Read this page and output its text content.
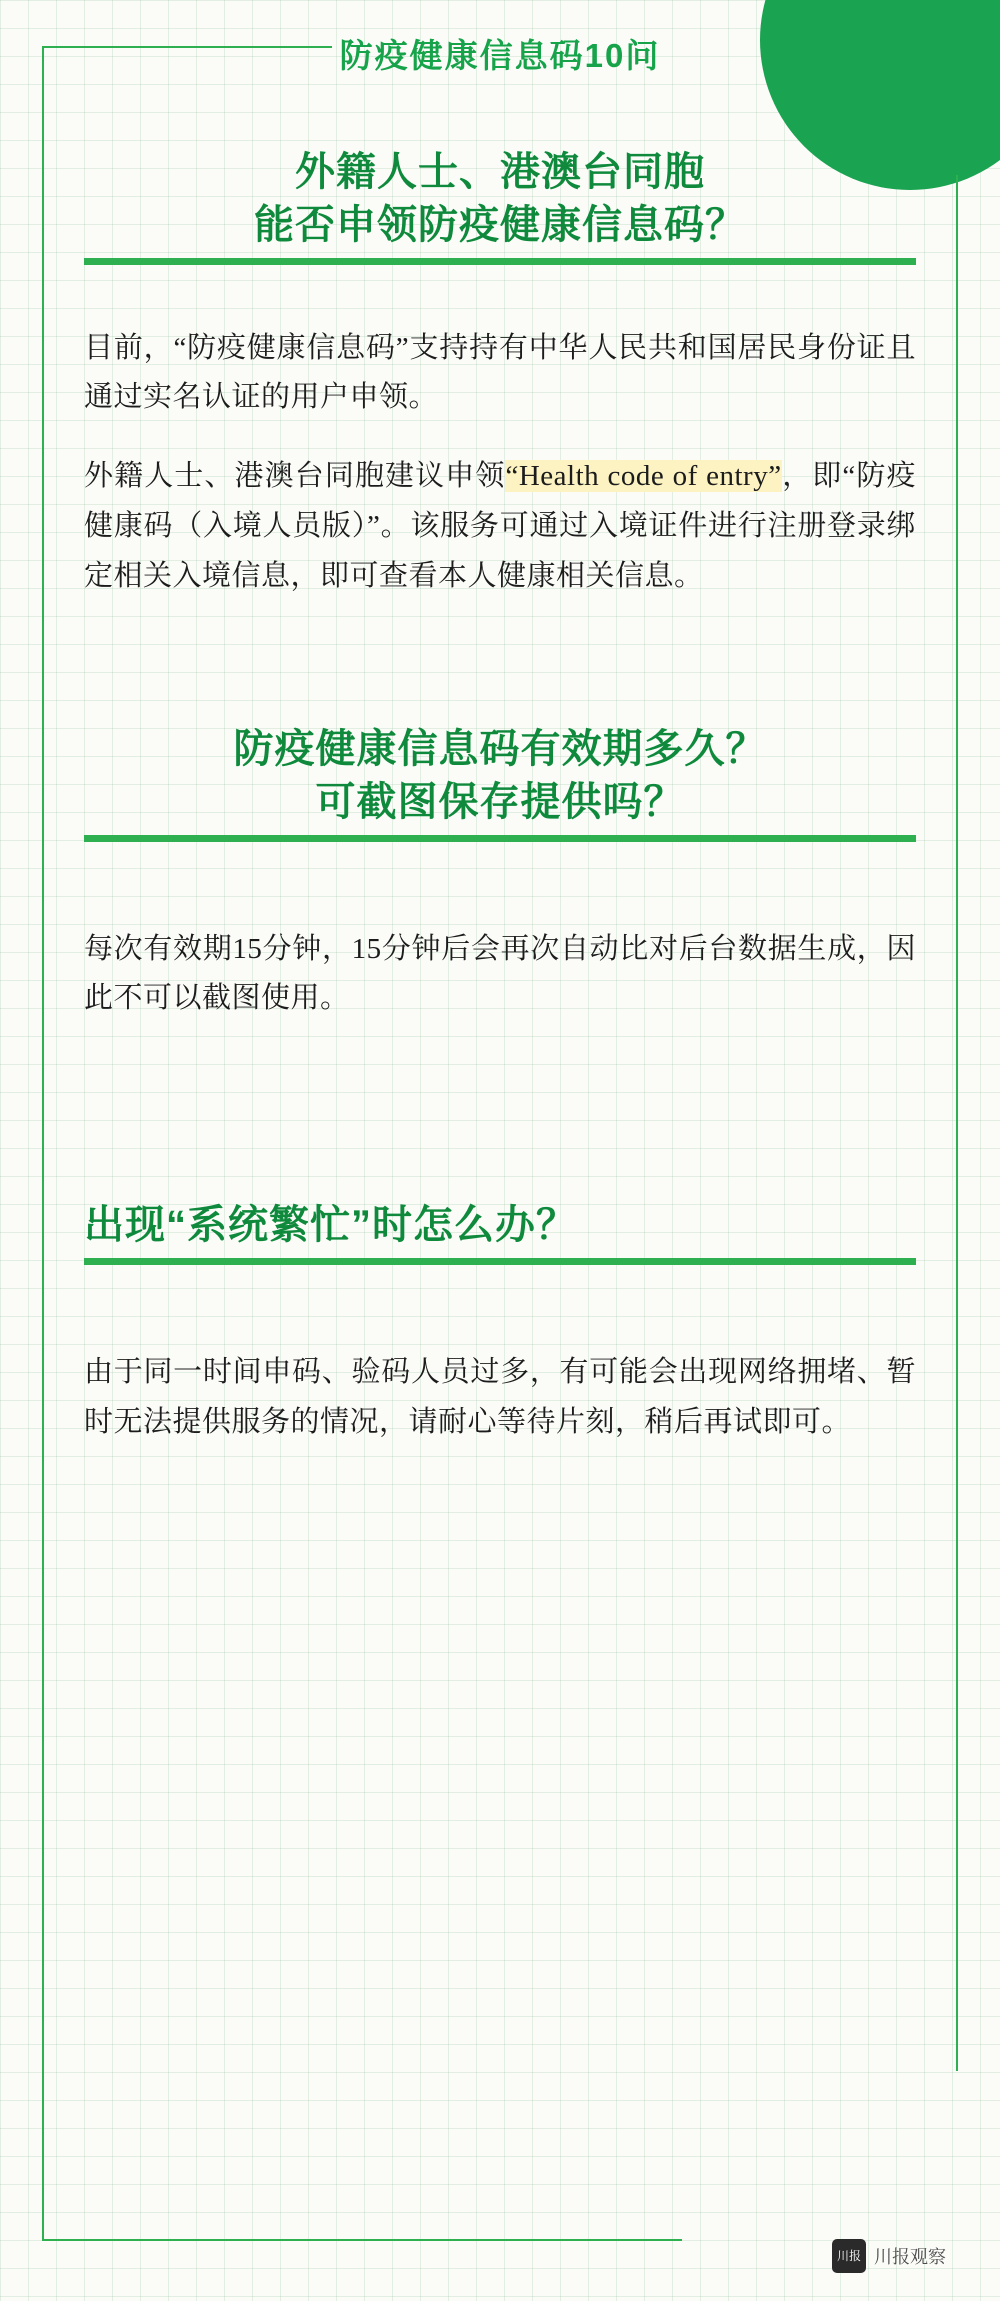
防疫健康信息码10问
外籍人士、港澳台同胞
能否申领防疫健康信息码？

目前，“防疫健康信息码”支持持有中华人民共和国居民身份证且通过实名认证的用户申领。

外籍人士、港澳台同胞建议申领“Health code of entry”，即“防疫健康码（入境人员版）”。该服务可通过入境证件进行注册登录绑定相关入境信息，即可查看本人健康相关信息。

防疫健康信息码有效期多久？
可截图保存提供吗？

每次有效期15分钟，15分钟后会再次自动比对后台数据生成，因此不可以截图使用。

出现“系统繁忙”时怎么办？

由于同一时间申码、验码人员过多，有可能会出现网络拥堵、暂时无法提供服务的情况，请耐心等待片刻，稍后再试即可。

川报 川报观察
